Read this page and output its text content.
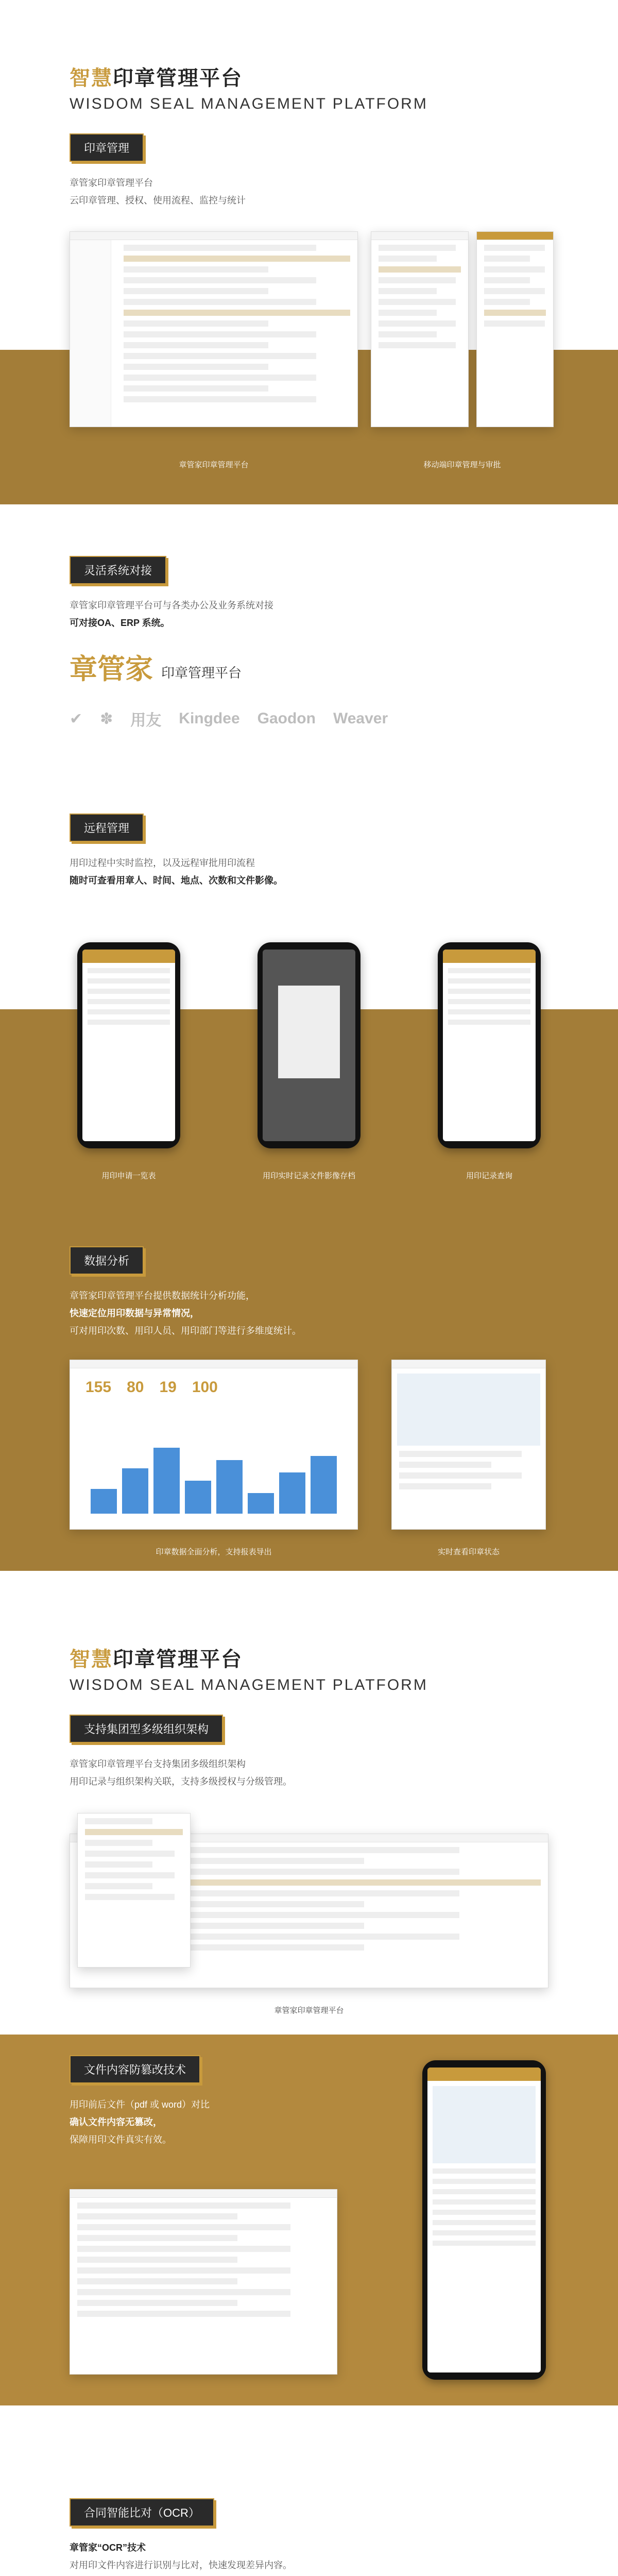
智慧印章管理平台
WISDOM SEAL MANAGEMENT PLATFORM
印章管理
章管家印章管理平台
云印章管理、授权、使用流程、监控与统计
章管家印章管理平台	移动端印章管理与审批
灵活系统对接
章管家印章管理平台可与各类办公及业务系统对接
可对接OA、ERP 系统。
章管家 印章管理平台
✔ ✽ 用友 Kingdee Gaodon Weaver
远程管理
用印过程中实时监控，以及远程审批用印流程
随时可查看用章人、时间、地点、次数和文件影像。
用印申请一览表	用印实时记录文件影像存档	用印记录查询
数据分析
章管家印章管理平台提供数据统计分析功能，
快速定位用印数据与异常情况，
可对用印次数、用印人员、用印部门等进行多维度统计。
155 80 19 100
印章数据全面分析，支持报表导出	实时查看印章状态
智慧印章管理平台
WISDOM SEAL MANAGEMENT PLATFORM
支持集团型多级组织架构
章管家印章管理平台支持集团多级组织架构
用印记录与组织架构关联，支持多级授权与分级管理。
章管家印章管理平台
文件内容防篡改技术
用印前后文件（pdf 或 word）对比
确认文件内容无篡改，
保障用印文件真实有效。
合同智能比对（OCR）
章管家“OCR”技术
对用印文件内容进行识别与比对，快速发现差异内容。
